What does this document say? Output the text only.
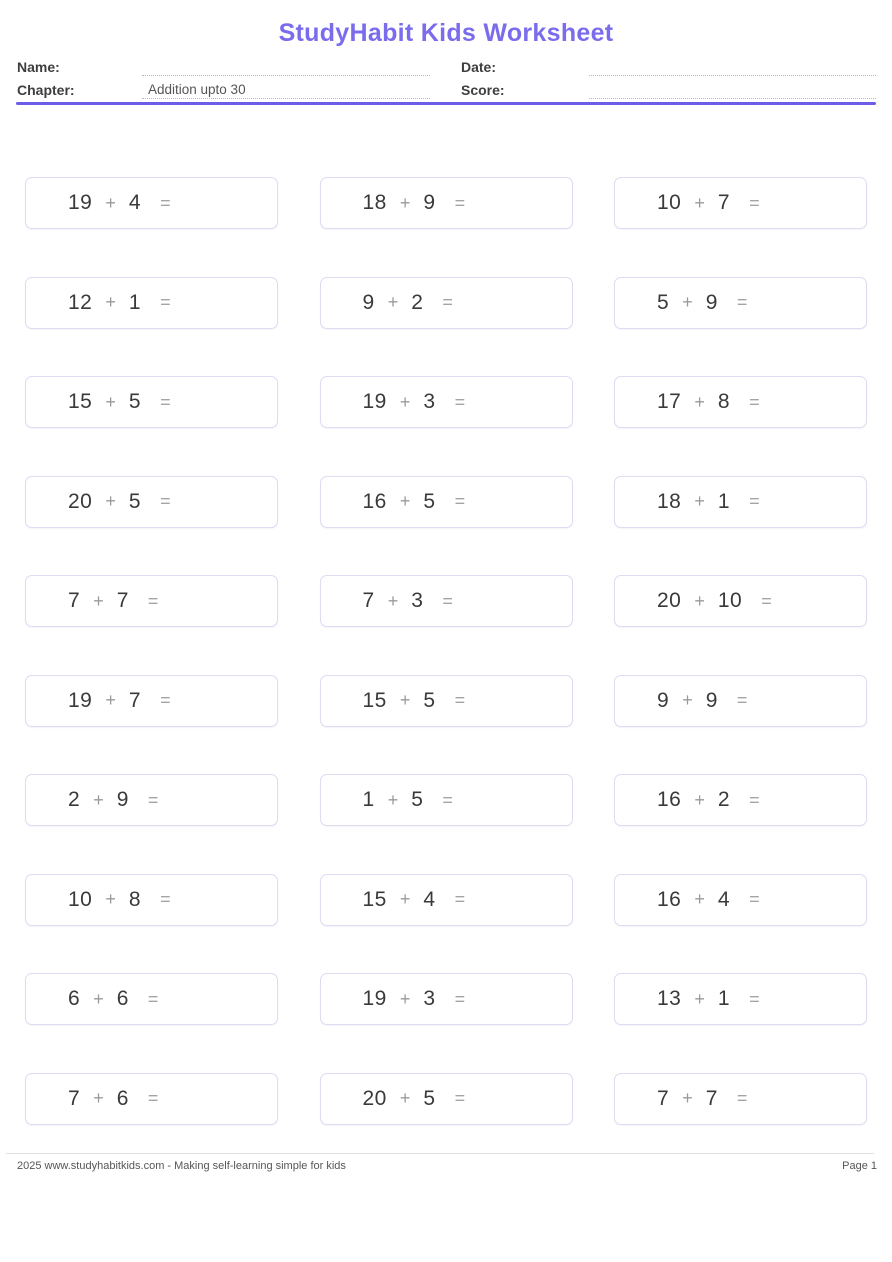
StudyHabit Kids Worksheet
Name:	Date:
Chapter:	Addition upto 30	Score:
19 + 4 =	18 + 9 =	10 + 7 =
12 + 1 =	9 + 2 =	5 + 9 =
15 + 5 =	19 + 3 =	17 + 8 =
20 + 5 =	16 + 5 =	18 + 1 =
7 + 7 =	7 + 3 =	20 + 10 =
19 + 7 =	15 + 5 =	9 + 9 =
2 + 9 =	1 + 5 =	16 + 2 =
10 + 8 =	15 + 4 =	16 + 4 =
6 + 6 =	19 + 3 =	13 + 1 =
7 + 6 =	20 + 5 =	7 + 7 =
2025 www.studyhabitkids.com - Making self-learning simple for kids	Page 1
